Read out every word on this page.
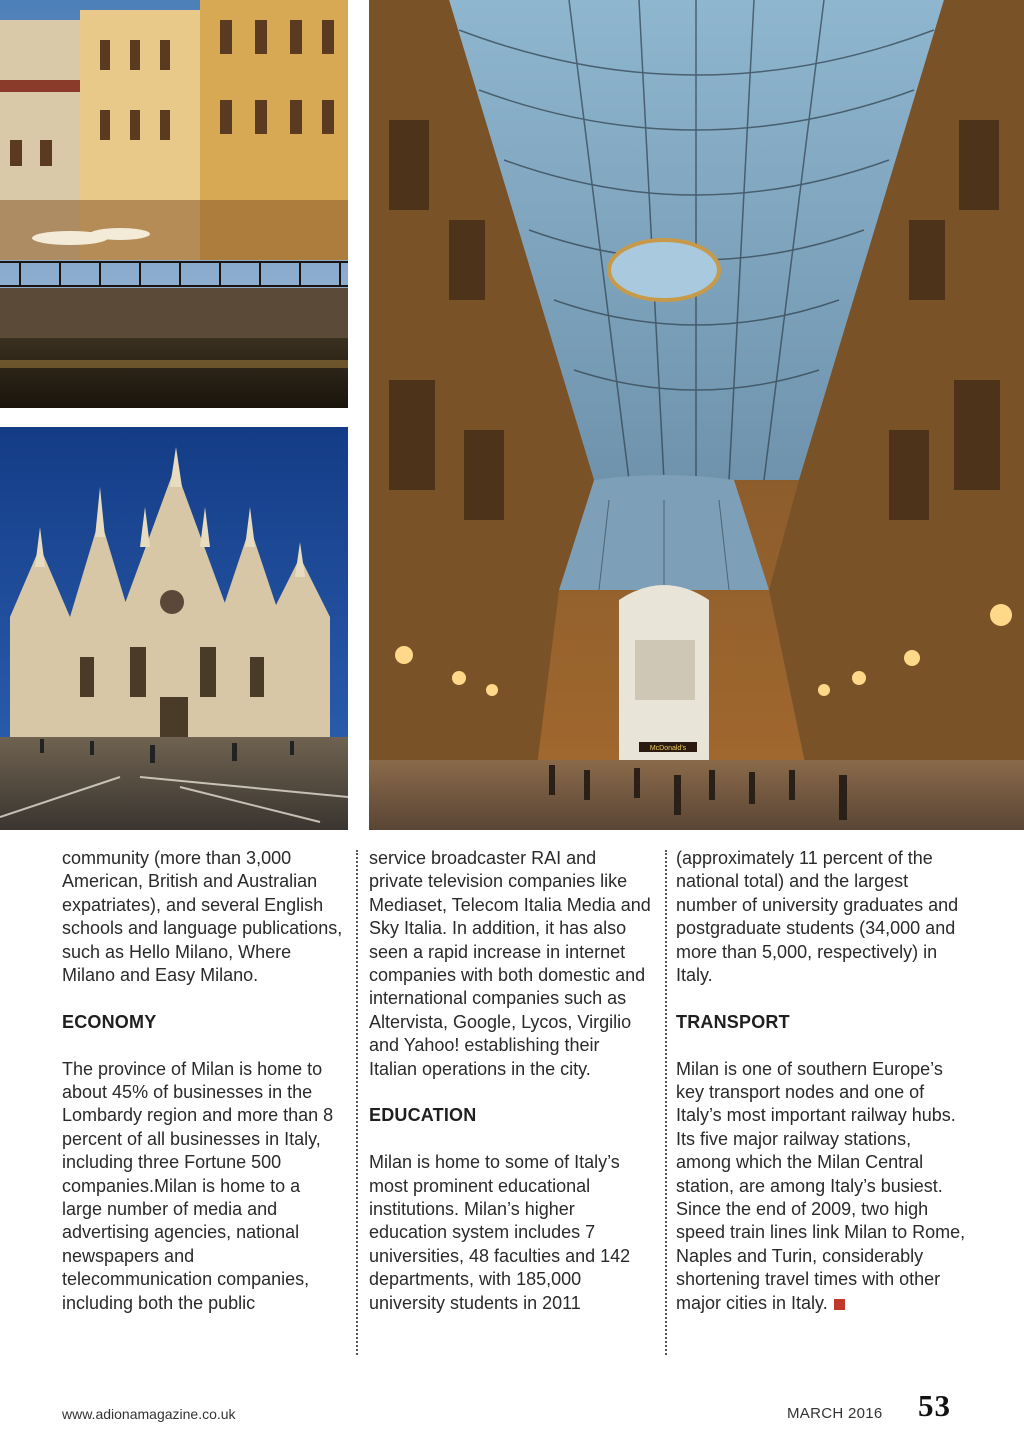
McDonald's

community (more than 3,000 American, British and Australian expatriates), and several English schools and language publications, such as Hello Milano, Where Milano and Easy Milano.

ECONOMY

The province of Milan is home to about 45% of businesses in the Lombardy region and more than 8 percent of all businesses in Italy, including three Fortune 500 companies.Milan is home to a large number of media and advertising agencies, national newspapers and telecommunication companies, including both the public

service broadcaster RAI and private television companies like Mediaset, Telecom Italia Media and Sky Italia. In addition, it has also seen a rapid increase in internet companies with both domestic and international companies such as Altervista, Google, Lycos, Virgilio and Yahoo! establishing their Italian operations in the city.

EDUCATION

Milan is home to some of Italy’s most prominent educational institutions. Milan’s higher education system includes 7 universities, 48 faculties and 142 departments, with 185,000 university students in 2011

(approximately 11 percent of the national total) and the largest number of university graduates and postgraduate students (34,000 and more than 5,000, respectively) in Italy.

TRANSPORT

Milan is one of southern Europe’s key transport nodes and one of Italy’s most important railway hubs. Its five major railway stations, among which the Milan Central station, are among Italy’s busiest. Since the end of 2009, two high speed train lines link Milan to Rome, Naples and Turin, considerably shortening travel times with other major cities in Italy.

www.adionamagazine.co.uk	MARCH 2016 53
